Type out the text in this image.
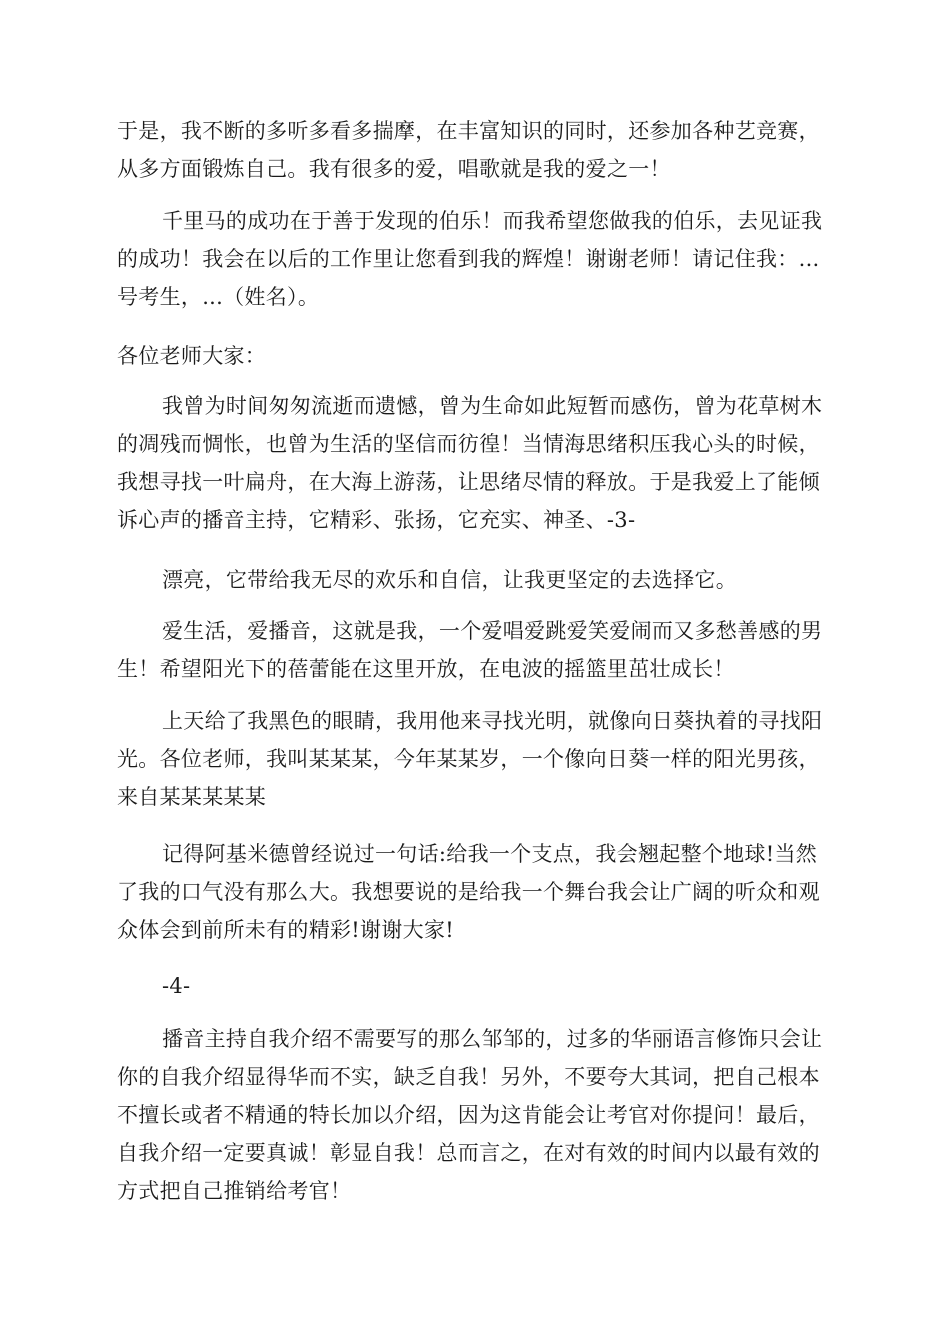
于是，我不断的多听多看多揣摩，在丰富知识的同时，还参加各种艺竞赛，从多方面锻炼自己。我有很多的爱，唱歌就是我的爱之一！

千里马的成功在于善于发现的伯乐！而我希望您做我的伯乐，去见证我的成功！我会在以后的工作里让您看到我的辉煌！谢谢老师！请记住我：...号考生，...（姓名）。

各位老师大家：

我曾为时间匆匆流逝而遗憾，曾为生命如此短暂而感伤，曾为花草树木的凋残而惆怅，也曾为生活的坚信而彷徨！当情海思绪积压我心头的时候，我想寻找一叶扁舟，在大海上游荡，让思绪尽情的释放。于是我爱上了能倾诉心声的播音主持，它精彩、张扬，它充实、神圣、-3-

漂亮，它带给我无尽的欢乐和自信，让我更坚定的去选择它。

爱生活，爱播音，这就是我，一个爱唱爱跳爱笑爱闹而又多愁善感的男生！希望阳光下的蓓蕾能在这里开放，在电波的摇篮里茁壮成长！

上天给了我黑色的眼睛，我用他来寻找光明，就像向日葵执着的寻找阳光。各位老师，我叫某某某，今年某某岁，一个像向日葵一样的阳光男孩，来自某某某某某

记得阿基米德曾经说过一句话:给我一个支点，我会翘起整个地球!当然了我的口气没有那么大。我想要说的是给我一个舞台我会让广阔的听众和观众体会到前所未有的精彩!谢谢大家!

-4-

播音主持自我介绍不需要写的那么邹邹的，过多的华丽语言修饰只会让你的自我介绍显得华而不实，缺乏自我！另外，不要夸大其词，把自己根本不擅长或者不精通的特长加以介绍，因为这肯能会让考官对你提问！最后，自我介绍一定要真诚！彰显自我！总而言之，在对有效的时间内以最有效的方式把自己推销给考官！
